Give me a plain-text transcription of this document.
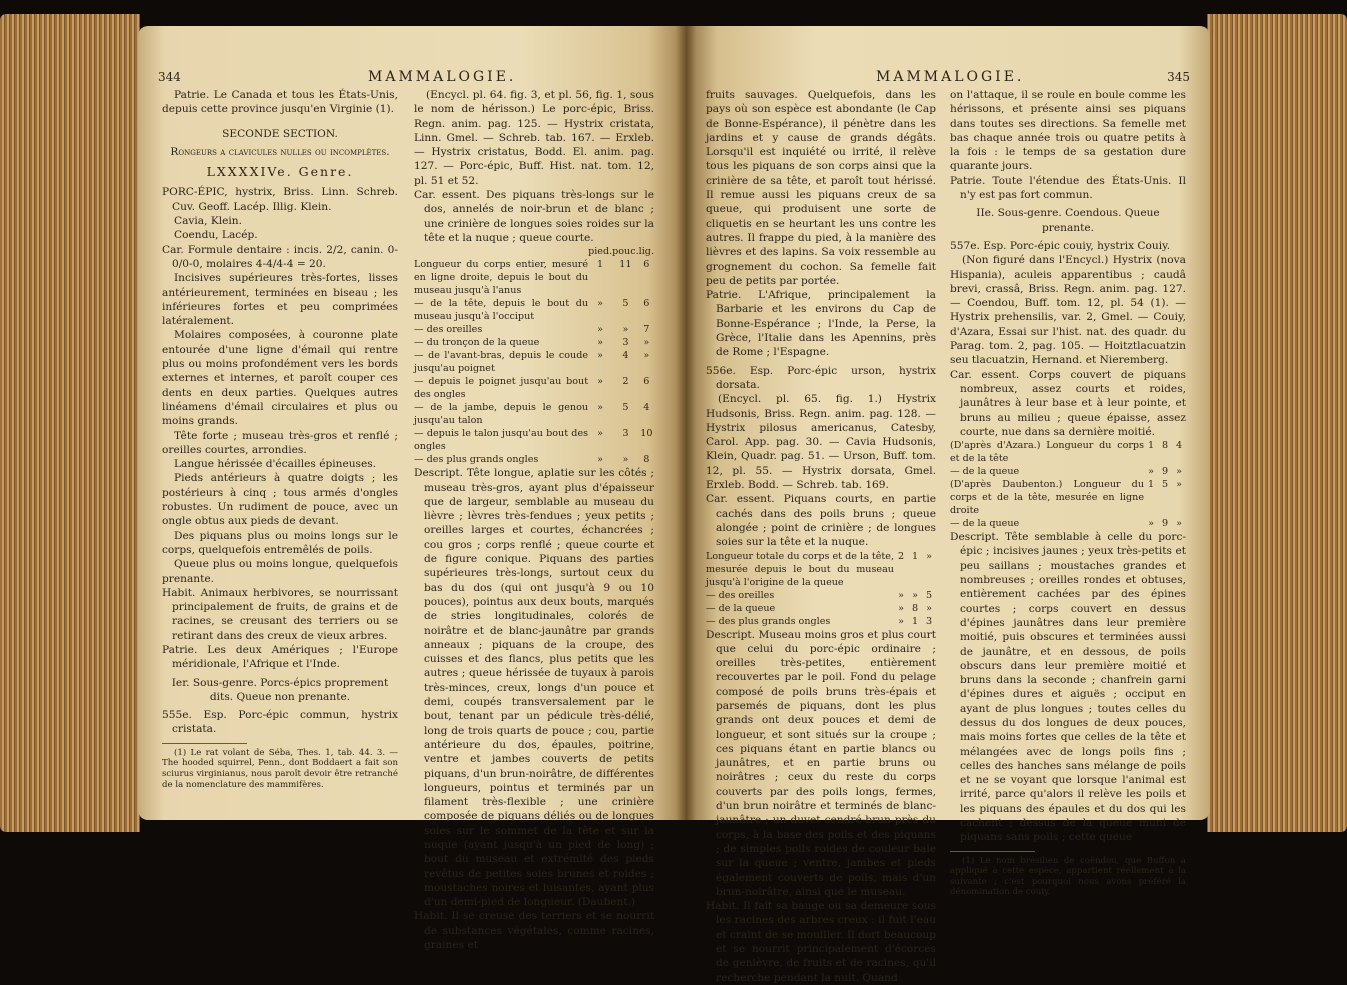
344	MAMMALOGIE.

Patrie. Le Canada et tous les États-Unis, depuis cette province jusqu'en Virginie (1).

SECONDE SECTION.

Rongeurs a clavicules nulles ou incomplètes.

LXXXXIVe. Genre.

PORC-ÉPIC, hystrix, Briss. Linn. Schreb. Cuv. Geoff. Lacép. Illig. Klein.

Cavia, Klein.

Coendu, Lacép.

Car. Formule dentaire : incis. 2/2, canin. 0-0/0-0, molaires 4-4/4-4 = 20.

Incisives supérieures très-fortes, lisses antérieurement, terminées en biseau ; les inférieures fortes et peu comprimées latéralement.

Molaires composées, à couronne plate entourée d'une ligne d'émail qui rentre plus ou moins profondément vers les bords externes et internes, et paroît couper ces dents en deux parties. Quelques autres linéamens d'émail circulaires et plus ou moins grands.

Tête forte ; museau très-gros et renflé ; oreilles courtes, arrondies.

Langue hérissée d'écailles épineuses.

Pieds antérieurs à quatre doigts ; les postérieurs à cinq ; tous armés d'ongles robustes. Un rudiment de pouce, avec un ongle obtus aux pieds de devant.

Des piquans plus ou moins longs sur le corps, quelquefois entremêlés de poils.

Queue plus ou moins longue, quelquefois prenante.

Habit. Animaux herbivores, se nourrissant principalement de fruits, de grains et de racines, se creusant des terriers ou se retirant dans des creux de vieux arbres.

Patrie. Les deux Amériques ; l'Europe méridionale, l'Afrique et l'Inde.

Ier. Sous-genre. Porcs-épics proprement dits. Queue non prenante.

555e. Esp. Porc-épic commun, hystrix cristata.

(1) Le rat volant de Séba, Thes. 1, tab. 44. 3. — The hooded squirrel, Penn., dont Boddaert a fait son sciurus virginianus, nous paroît devoir être retranché de la nomenclature des mammifères.

(Encycl. pl. 64. fig. 3, et pl. 56, fig. 1, sous le nom de hérisson.) Le porc-épic, Briss. Regn. anim. pag. 125. — Hystrix cristata, Linn. Gmel. — Schreb. tab. 167. — Erxleb. — Hystrix cristatus, Bodd. El. anim. pag. 127. — Porc-épic, Buff. Hist. nat. tom. 12, pl. 51 et 52.

Car. essent. Des piquans très-longs sur le dos, annelés de noir-brun et de blanc ; une crinière de longues soies roides sur la tête et la nuque ; queue courte.

	pied.	pouc.	lig.
Longueur du corps entier, mesuré en ligne droite, depuis le bout du museau jusqu'à l'anus	1	11	6
— de la tête, depuis le bout du museau jusqu'à l'occiput	»	5	6
— des oreilles	»	»	7
— du tronçon de la queue	»	3	»
— de l'avant-bras, depuis le coude jusqu'au poignet	»	4	»
— depuis le poignet jusqu'au bout des ongles	»	2	6
— de la jambe, depuis le genou jusqu'au talon	»	5	4
— depuis le talon jusqu'au bout des ongles	»	3	10
— des plus grands ongles	»	»	8

Descript. Tête longue, aplatie sur les côtés ; museau très-gros, ayant plus d'épaisseur que de largeur, semblable au museau du lièvre ; lèvres très-fendues ; yeux petits ; oreilles larges et courtes, échancrées ; cou gros ; corps renflé ; queue courte et de figure conique. Piquans des parties supérieures très-longs, surtout ceux du bas du dos (qui ont jusqu'à 9 ou 10 pouces), pointus aux deux bouts, marqués de stries longitudinales, colorés de noirâtre et de blanc-jaunâtre par grands anneaux ; piquans de la croupe, des cuisses et des flancs, plus petits que les autres ; queue hérissée de tuyaux à parois très-minces, creux, longs d'un pouce et demi, coupés transversalement par le bout, tenant par un pédicule très-délié, long de trois quarts de pouce ; cou, partie antérieure du dos, épaules, poitrine, ventre et jambes couverts de petits piquans, d'un brun-noirâtre, de différentes longueurs, pointus et terminés par un filament très-flexible ; une crinière composée de piquans déliés ou de longues soies sur le sommet de la tête et sur la nuque (ayant jusqu'à un pied de long) ; bout du museau et extrémité des pieds revêtus de petites soies brunes et roides ; moustaches noires et luisantes, ayant plus d'un demi-pied de longueur. (Daubent.)

Habit. Il se creuse des terriers et se nourrit de substances végétales, comme racines, graines et

MAMMALOGIE.	345

fruits sauvages. Quelquefois, dans les pays où son espèce est abondante (le Cap de Bonne-Espérance), il pénètre dans les jardins et y cause de grands dégâts. Lorsqu'il est inquiété ou irrité, il relève tous les piquans de son corps ainsi que la crinière de sa tête, et paroît tout hérissé. Il remue aussi les piquans creux de sa queue, qui produisent une sorte de cliquetis en se heurtant les uns contre les autres. Il frappe du pied, à la manière des lièvres et des lapins. Sa voix ressemble au grognement du cochon. Sa femelle fait peu de petits par portée.

Patrie. L'Afrique, principalement la Barbarie et les environs du Cap de Bonne-Espérance ; l'Inde, la Perse, la Grèce, l'Italie dans les Apennins, près de Rome ; l'Espagne.

556e. Esp. Porc-épic urson, hystrix dorsata.

(Encycl. pl. 65. fig. 1.) Hystrix Hudsonis, Briss. Regn. anim. pag. 128. — Hystrix pilosus americanus, Catesby, Carol. App. pag. 30. — Cavia Hudsonis, Klein, Quadr. pag. 51. — Urson, Buff. tom. 12, pl. 55. — Hystrix dorsata, Gmel. Erxleb. Bodd. — Schreb. tab. 169.

Car. essent. Piquans courts, en partie cachés dans des poils bruns ; queue alongée ; point de crinière ; de longues soies sur la tête et la nuque.

Longueur totale du corps et de la tête, mesurée depuis le bout du museau jusqu'à l'origine de la queue	2	1	»
— des oreilles	»	»	5
— de la queue	»	8	»
— des plus grands ongles	»	1	3

Descript. Museau moins gros et plus court que celui du porc-épic ordinaire ; oreilles très-petites, entièrement recouvertes par le poil. Fond du pelage composé de poils bruns très-épais et parsemés de piquans, dont les plus grands ont deux pouces et demi de longueur, et sont situés sur la croupe ; ces piquans étant en partie blancs ou jaunâtres, et en partie bruns ou noirâtres ; ceux du reste du corps couverts par des poils longs, fermes, d'un brun noirâtre et terminés de blanc-jaunâtre ; un duvet cendré-brun près du corps, à la base des poils et des piquans ; de simples poils roides de couleur baie sur la queue ; ventre, jambes et pieds également couverts de poils, mais d'un brun-noirâtre, ainsi que le museau.

Habit. Il fait sa bauge ou sa demeure sous les racines des arbres creux : il fuit l'eau et craint de se mouiller. Il dort beaucoup et se nourrit principalement d'écorces de genièvre, de fruits et de racines, qu'il recherche pendant la nuit. Quand

on l'attaque, il se roule en boule comme les hérissons, et présente ainsi ses piquans dans toutes ses directions. Sa femelle met bas chaque année trois ou quatre petits à la fois : le temps de sa gestation dure quarante jours.

Patrie. Toute l'étendue des États-Unis. Il n'y est pas fort commun.

IIe. Sous-genre. Coendous. Queue prenante.

557e. Esp. Porc-épic couiy, hystrix Couiy.

(Non figuré dans l'Encycl.) Hystrix (nova Hispania), aculeis apparentibus ; caudâ brevi, crassâ, Briss. Regn. anim. pag. 127. — Coendou, Buff. tom. 12, pl. 54 (1). — Hystrix prehensilis, var. 2, Gmel. — Couiy, d'Azara, Essai sur l'hist. nat. des quadr. du Parag. tom. 2, pag. 105. — Hoitztlacuatzin seu tlacuatzin, Hernand. et Nieremberg.

Car. essent. Corps couvert de piquans nombreux, assez courts et roides, jaunâtres à leur base et à leur pointe, et bruns au milieu ; queue épaisse, assez courte, nue dans sa dernière moitié.

(D'après d'Azara.) Longueur du corps et de la tête	1	8	4
— de la queue	»	9	»
(D'après Daubenton.) Longueur du corps et de la tête, mesurée en ligne droite	1	5	»
— de la queue	»	9	»

Descript. Tête semblable à celle du porc-épic ; incisives jaunes ; yeux très-petits et peu saillans ; moustaches grandes et nombreuses ; oreilles rondes et obtuses, entièrement cachées par des épines courtes ; corps couvert en dessus d'épines jaunâtres dans leur première moitié, puis obscures et terminées aussi de jaunâtre, et en dessous, de poils obscurs dans leur première moitié et bruns dans la seconde ; chanfrein garni d'épines dures et aiguës ; occiput en ayant de plus longues ; toutes celles du dessus du dos longues de deux pouces, mais moins fortes que celles de la tête et mélangées avec de longs poils fins ; celles des hanches sans mélange de poils et ne se voyant que lorsque l'animal est irrité, parce qu'alors il relève les poils et les piquans des épaules et du dos qui les cachent ; dessus de la queue muni de piquans sans poils ; cette queue

(1) Le nom brésilien de coëndou, que Buffon a appliqué à cette espèce, appartient réellement à la suivante ; c'est pourquoi nous avons préféré la dénomination de couiy.
